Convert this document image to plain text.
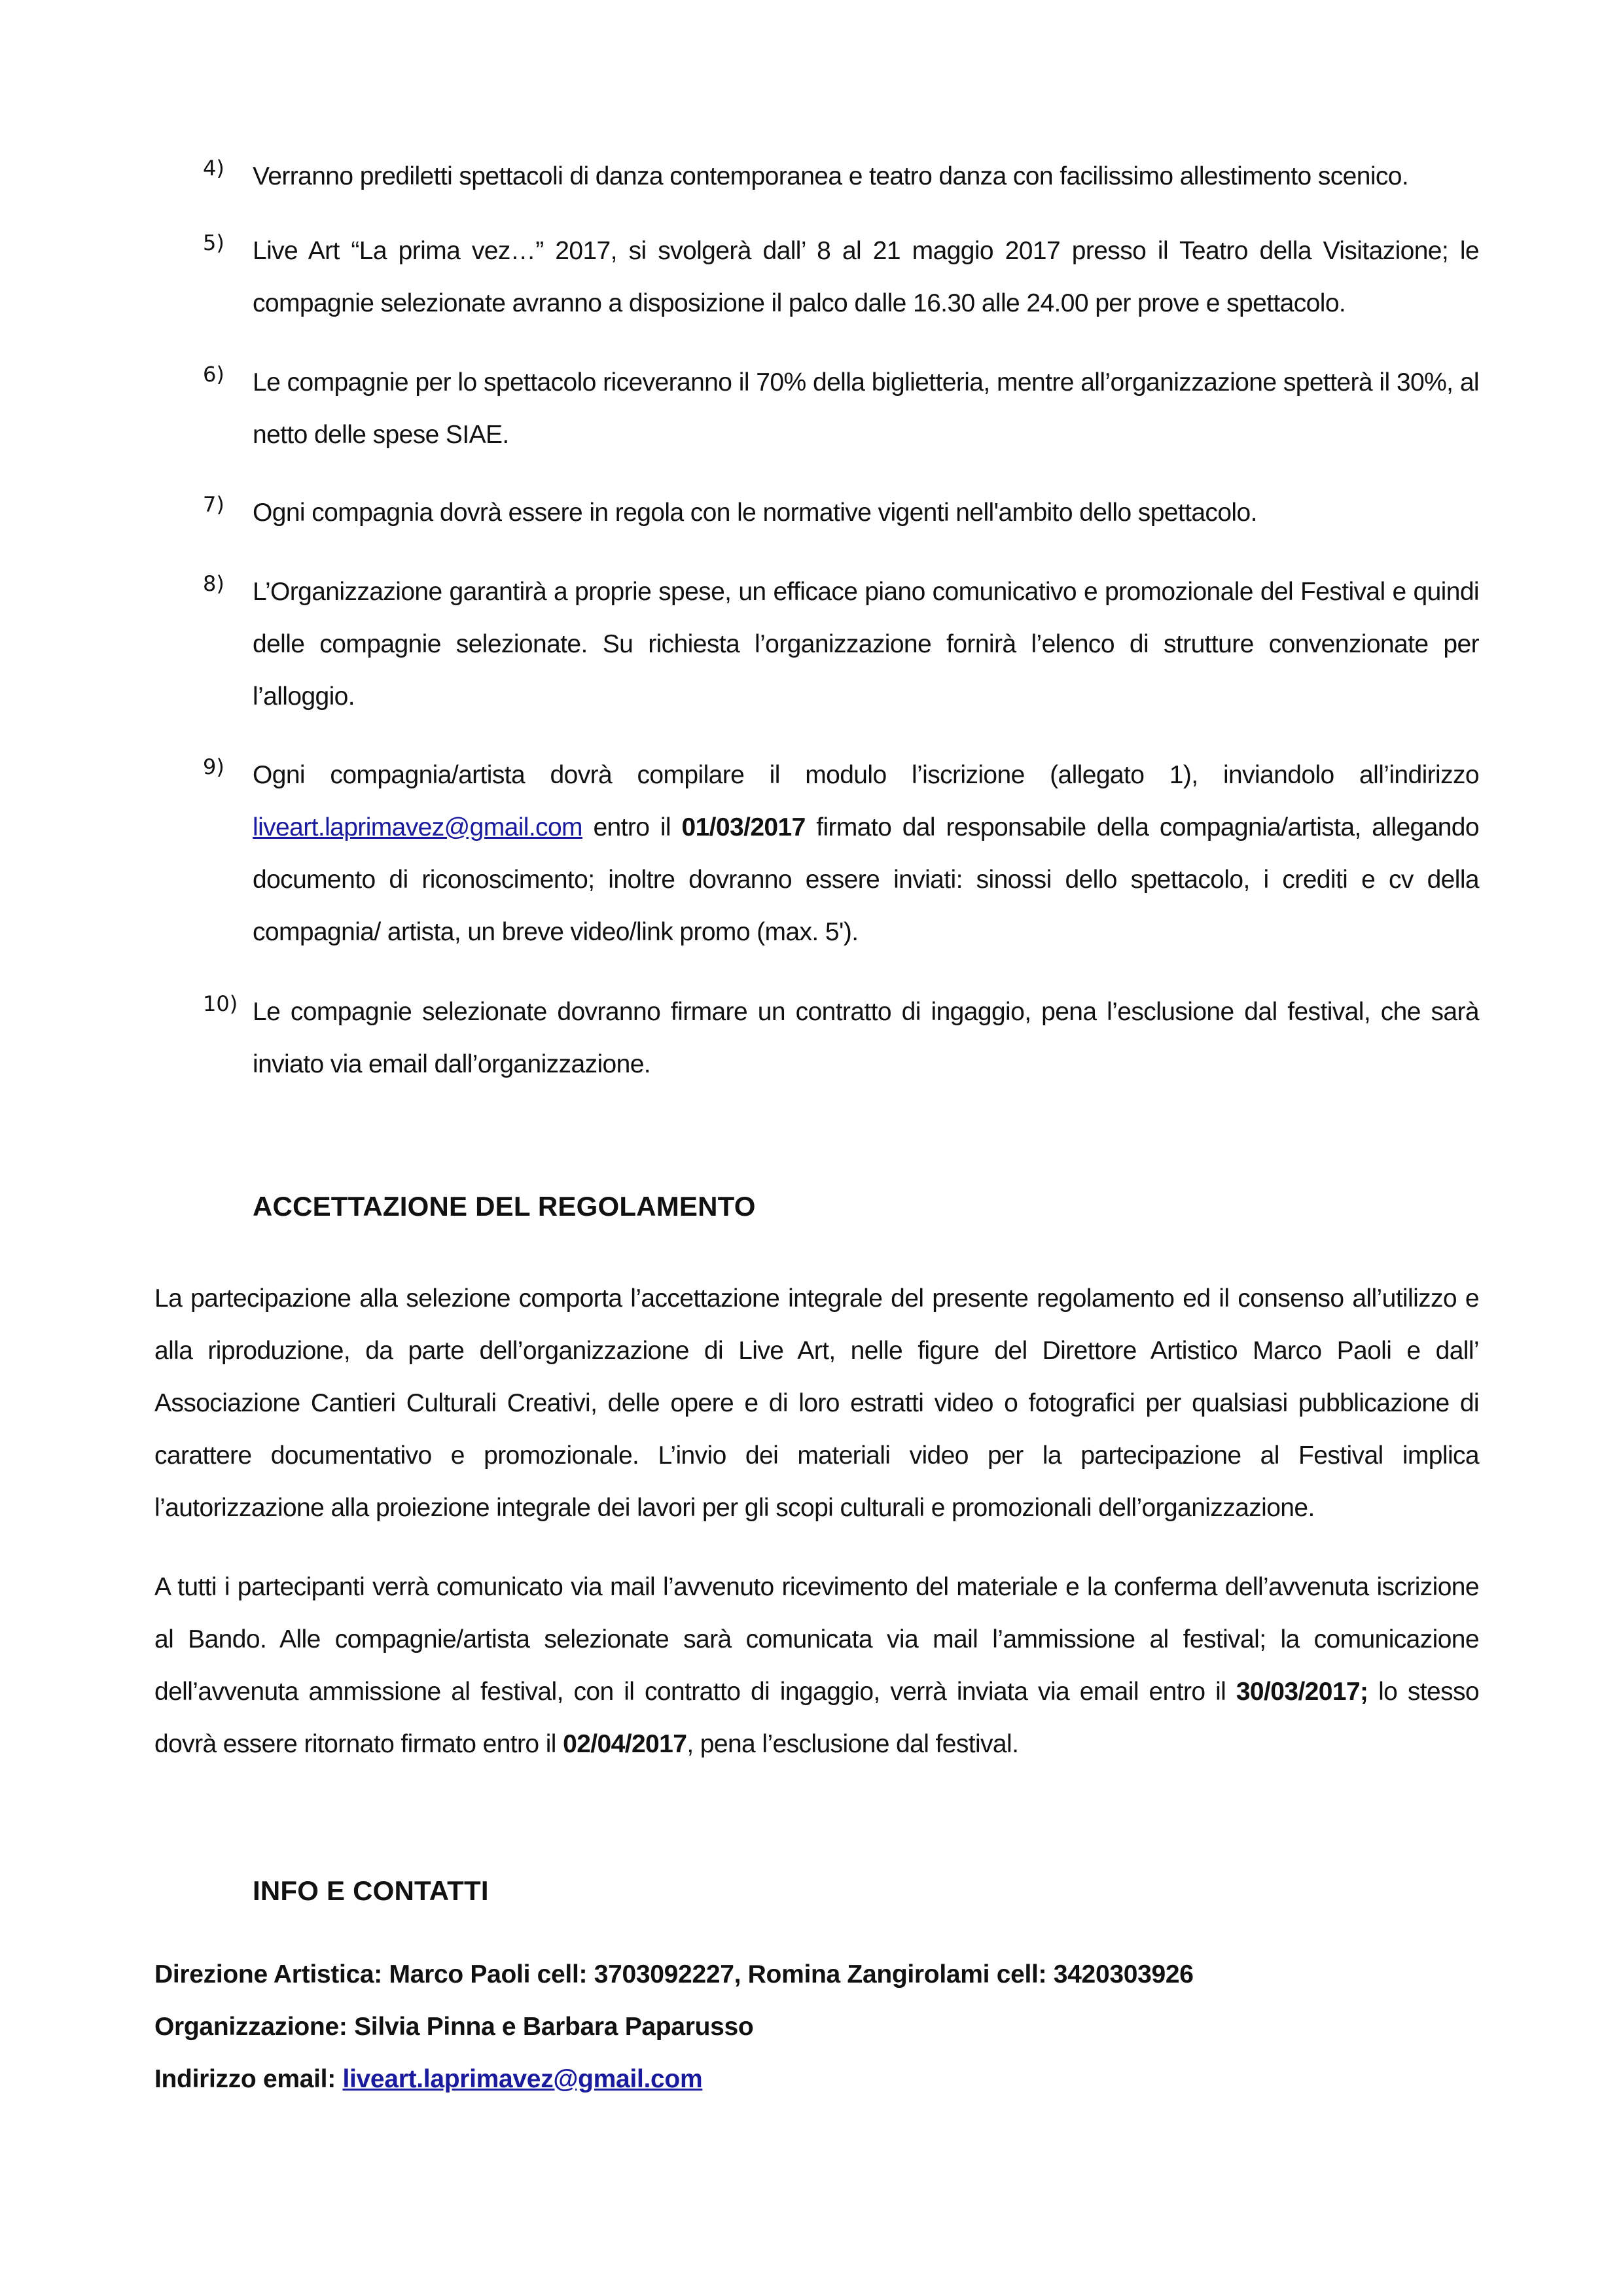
4) Verranno prediletti spettacoli di danza contemporanea e teatro danza con facilissimo allestimento scenico.
5) Live Art “La prima vez…” 2017, si svolgerà dall’ 8 al 21 maggio 2017 presso il Teatro della Visitazione; le compagnie selezionate avranno a disposizione il palco dalle 16.30 alle 24.00 per prove e spettacolo.
6) Le compagnie per lo spettacolo riceveranno il 70% della biglietteria, mentre all’organizzazione spetterà il 30%, al netto delle spese SIAE.
7) Ogni compagnia dovrà essere in regola con le normative vigenti nell'ambito dello spettacolo.
8) L’Organizzazione garantirà a proprie spese, un efficace piano comunicativo e promozionale del Festival e quindi delle compagnie selezionate. Su richiesta l’organizzazione fornirà l’elenco di strutture convenzionate per l’alloggio.
9) Ogni compagnia/artista dovrà compilare il modulo l’iscrizione (allegato 1), inviandolo all’indirizzo liveart.laprimavez@gmail.com entro il 01/03/2017 firmato dal responsabile della compagnia/artista, allegando documento di riconoscimento; inoltre dovranno essere inviati: sinossi dello spettacolo, i crediti e cv della compagnia/ artista, un breve video/link promo (max. 5').
10) Le compagnie selezionate dovranno firmare un contratto di ingaggio, pena l’esclusione dal festival, che sarà inviato via email dall’organizzazione.
ACCETTAZIONE DEL REGOLAMENTO
La partecipazione alla selezione comporta l’accettazione integrale del presente regolamento ed il consenso all’utilizzo e alla riproduzione, da parte dell’organizzazione di Live Art, nelle figure del Direttore Artistico Marco Paoli e dall’ Associazione Cantieri Culturali Creativi, delle opere e di loro estratti video o fotografici per qualsiasi pubblicazione di carattere documentativo e promozionale. L’invio dei materiali video per la partecipazione al Festival implica l’autorizzazione alla proiezione integrale dei lavori per gli scopi culturali e promozionali dell’organizzazione.
A tutti i partecipanti verrà comunicato via mail l’avvenuto ricevimento del materiale e la conferma dell’avvenuta iscrizione al Bando. Alle compagnie/artista selezionate sarà comunicata via mail l’ammissione al festival; la comunicazione dell’avvenuta ammissione al festival, con il contratto di ingaggio, verrà inviata via email entro il 30/03/2017; lo stesso dovrà essere ritornato firmato entro il 02/04/2017, pena l’esclusione dal festival.
INFO E CONTATTI
Direzione Artistica: Marco Paoli cell: 3703092227, Romina Zangirolami cell: 3420303926
Organizzazione: Silvia Pinna e Barbara Paparusso
Indirizzo email: liveart.laprimavez@gmail.com
